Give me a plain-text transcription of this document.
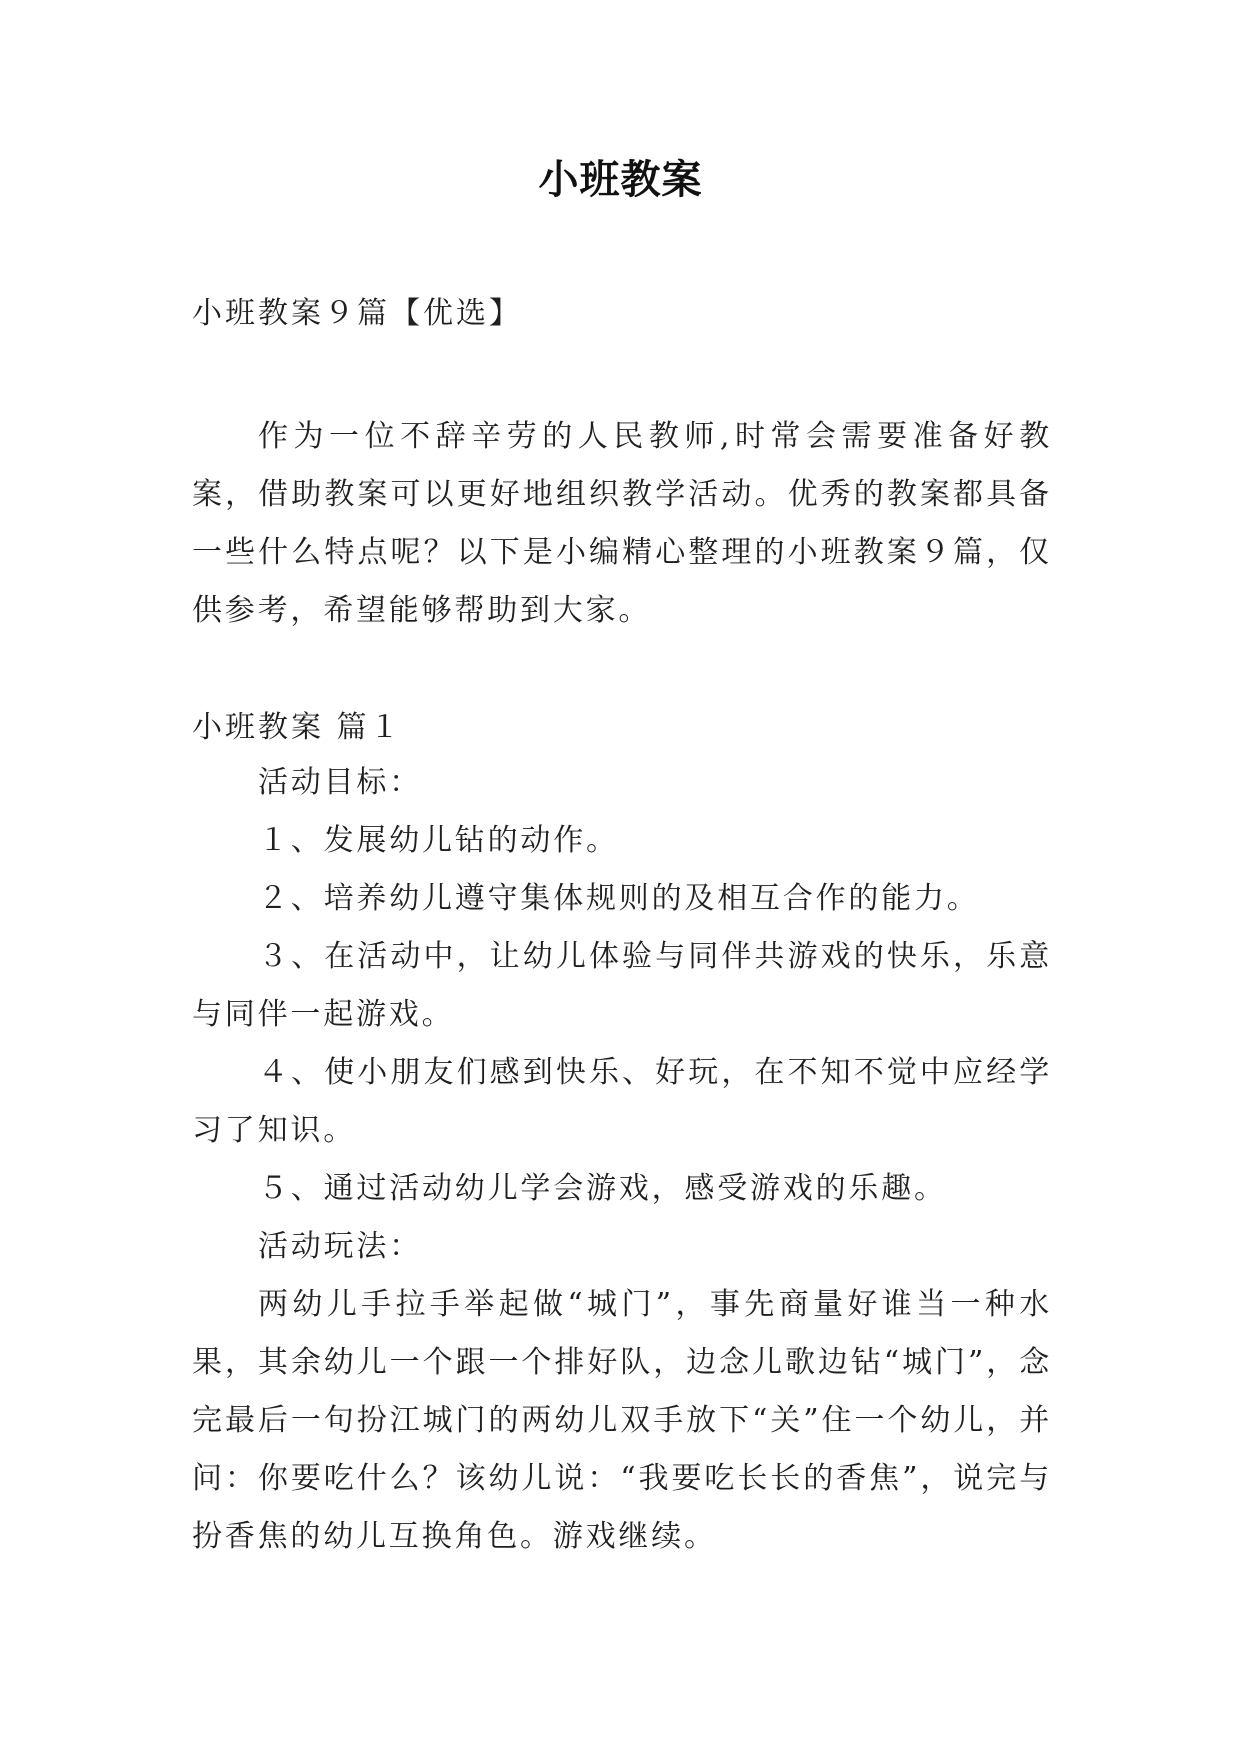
小班教案
小班教案９篇【优选】
作为一位不辞辛劳的人民教师,时常会需要准备好教案，借助教案可以更好地组织教学活动。优秀的教案都具备一些什么特点呢？以下是小编精心整理的小班教案９篇，仅供参考，希望能够帮助到大家。
小班教案 篇１
活动目标：
１、发展幼儿钻的动作。
２、培养幼儿遵守集体规则的及相互合作的能力。
３、在活动中，让幼儿体验与同伴共游戏的快乐，乐意与同伴一起游戏。
４、使小朋友们感到快乐、好玩，在不知不觉中应经学习了知识。
５、通过活动幼儿学会游戏，感受游戏的乐趣。
活动玩法：
两幼儿手拉手举起做“城门”，事先商量好谁当一种水果，其余幼儿一个跟一个排好队，边念儿歌边钻“城门”，念完最后一句扮江城门的两幼儿双手放下“关”住一个幼儿，并问：你要吃什么？该幼儿说：“我要吃长长的香焦”，说完与扮香焦的幼儿互换角色。游戏继续。
